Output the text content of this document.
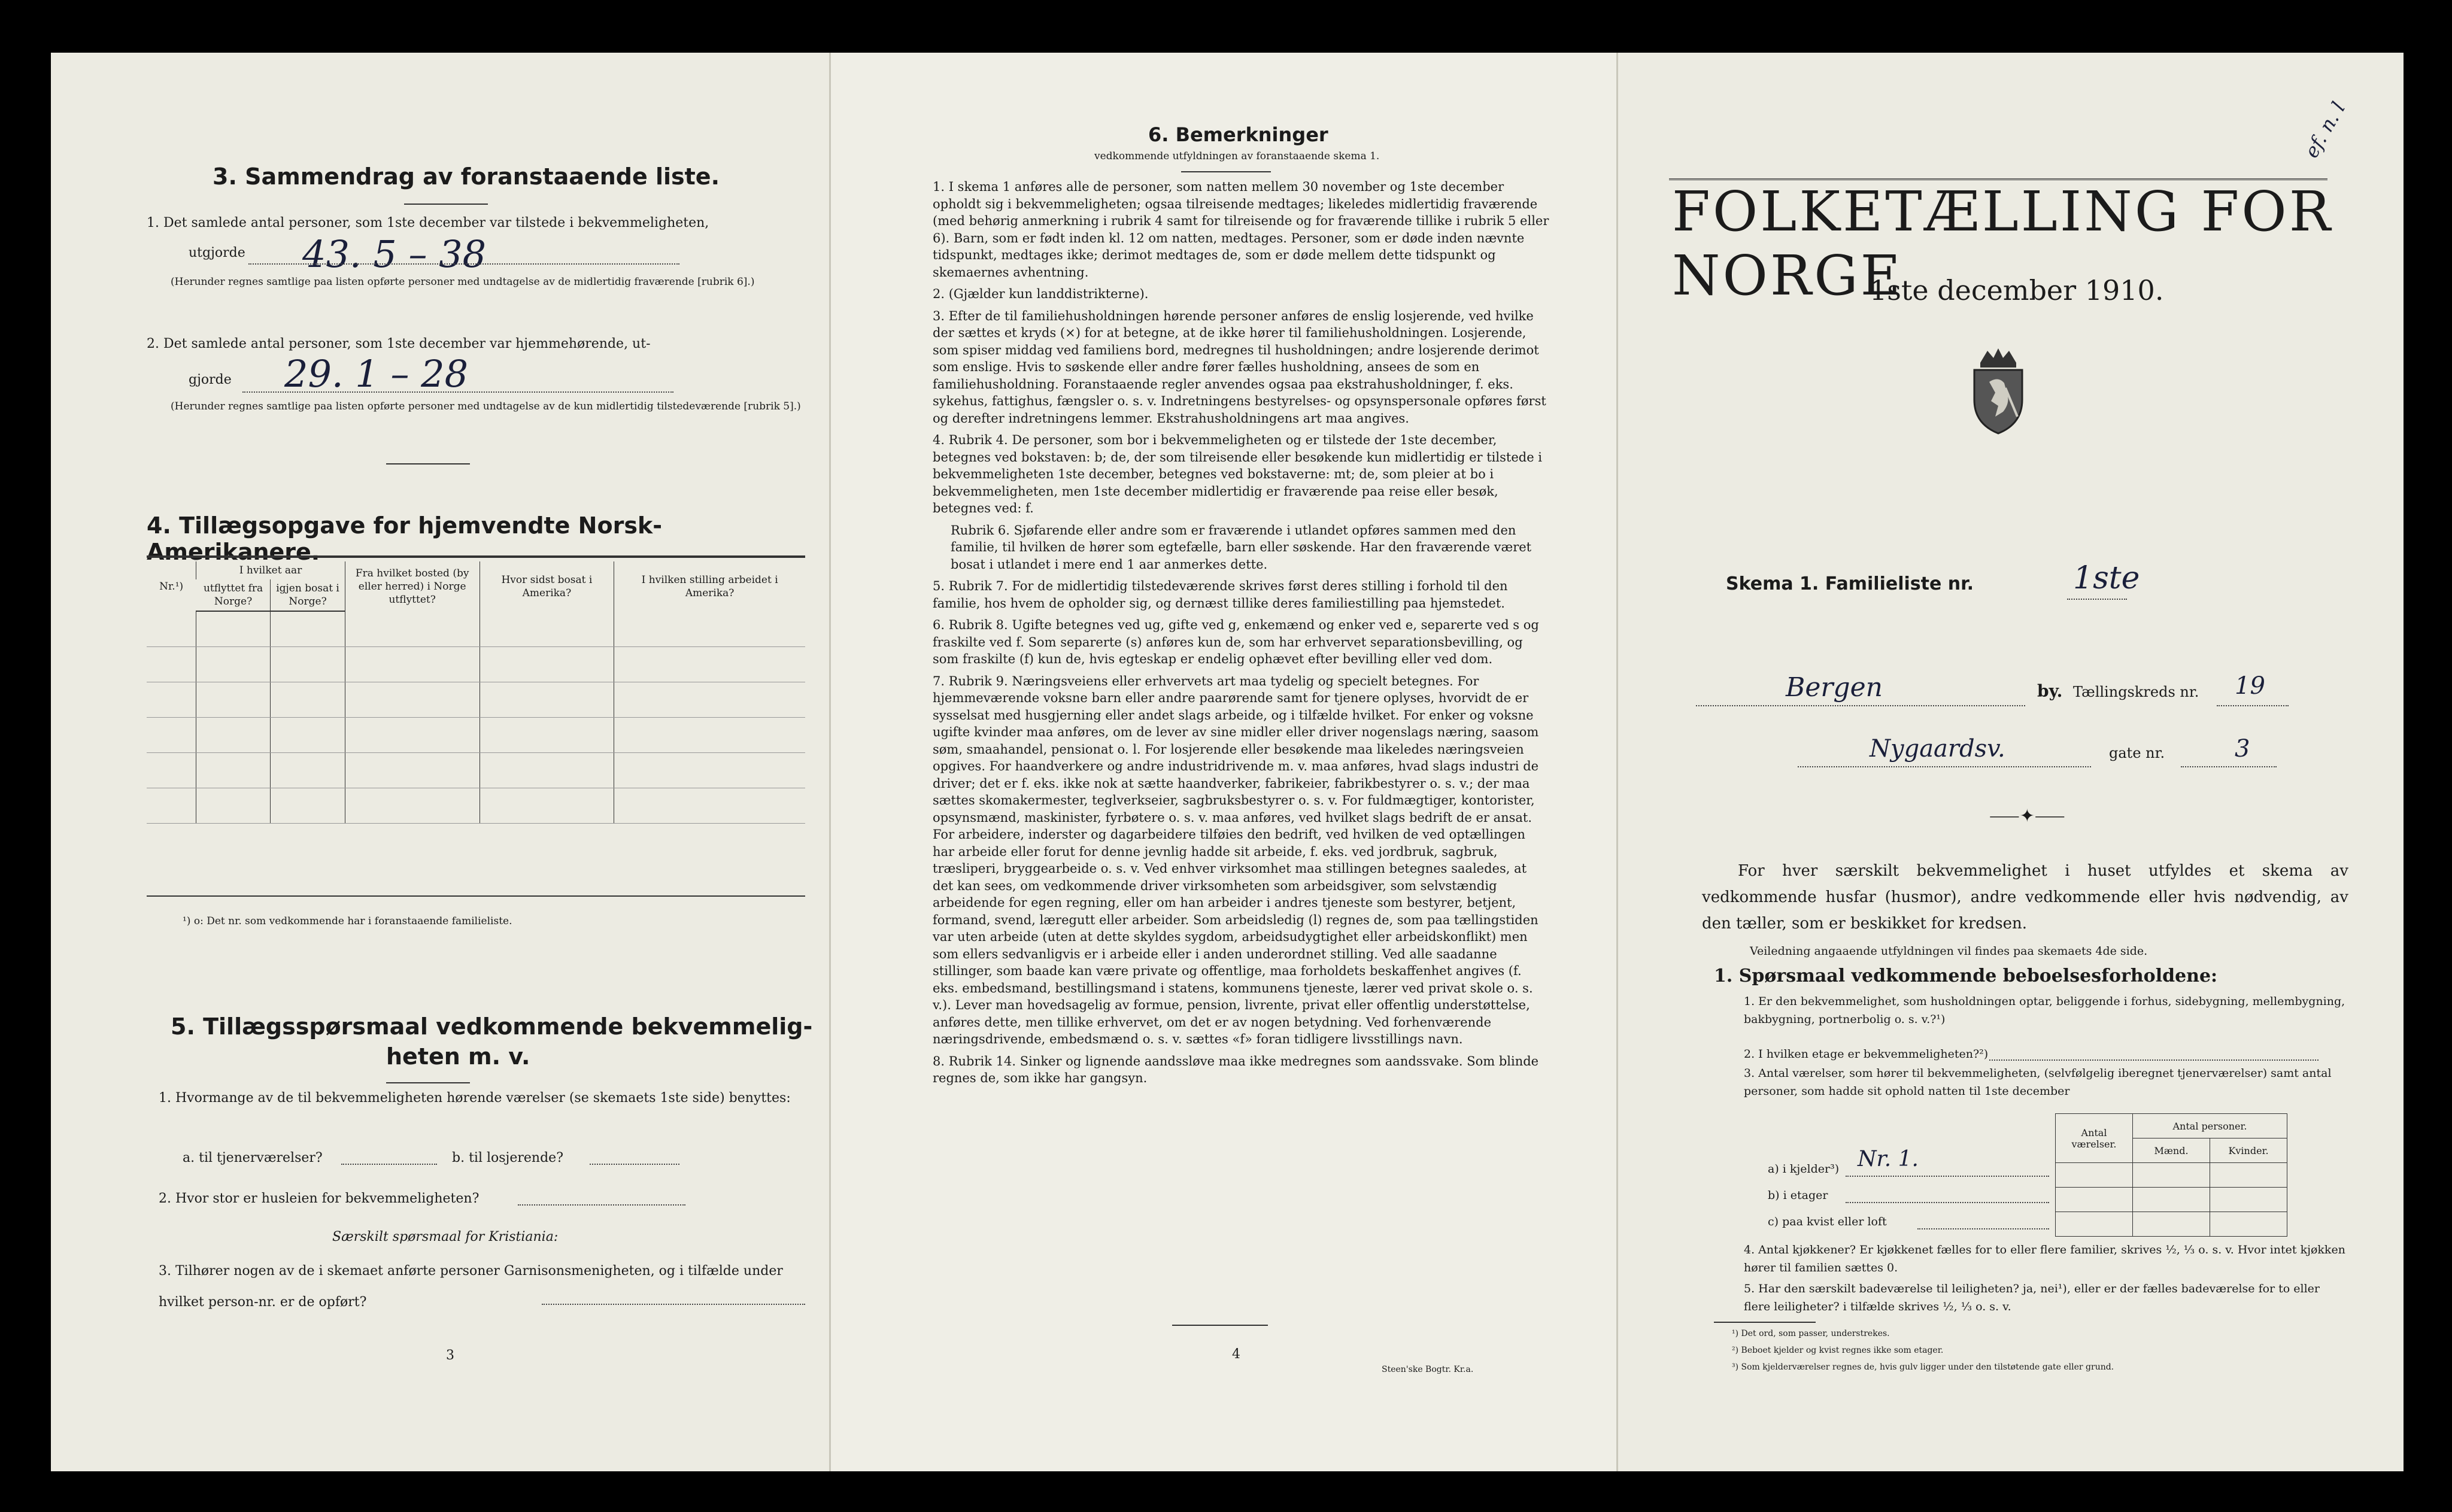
3. Sammendrag av foranstaaende liste.
1. Det samlede antal personer, som 1ste december var tilstede i bekvemmeligheten,
utgjorde 43. 5 – 38
(Herunder regnes samtlige paa listen opførte personer med undtagelse av de midlertidig fraværende [rubrik 6].)
2. Det samlede antal personer, som 1ste december var hjemmehørende, ut-
gjorde 29. 1 – 28
(Herunder regnes samtlige paa listen opførte personer med undtagelse av de kun midlertidig tilstedeværende [rubrik 5].)
4. Tillægsopgave for hjemvendte Norsk-Amerikanere.
Nr.¹)	I hvilket aar		Fra hvilket bosted (by eller herred) i Norge utflyttet?	Hvor sidst bosat i Amerika?	I hvilken stilling arbeidet i Amerika?
	utflyttet fra Norge?	igjen bosat i Norge?			

¹) o: Det nr. som vedkommende har i foranstaaende familieliste.
5. Tillægsspørsmaal vedkommende bekvemmelig-
heten m. v.
1. Hvormange av de til bekvemmeligheten hørende værelser (se skemaets 1ste side) benyttes:
a. til tjenerværelser?	b. til losjerende?
2. Hvor stor er husleien for bekvemmeligheten?
Særskilt spørsmaal for Kristiania:
3. Tilhører nogen av de i skemaet anførte personer Garnisonsmenigheten, og i tilfælde under hvilket person-nr. er de opført?
3
6. Bemerkninger
vedkommende utfyldningen av foranstaaende skema 1.

1. I skema 1 anføres alle de personer, som natten mellem 30 november og 1ste december opholdt sig i bekvemmeligheten; ogsaa tilreisende medtages; likeledes midlertidig fraværende (med behørig anmerkning i rubrik 4 samt for tilreisende og for fraværende tillike i rubrik 5 eller 6). Barn, som er født inden kl. 12 om natten, medtages. Personer, som er døde inden nævnte tidspunkt, medtages ikke; derimot medtages de, som er døde mellem dette tidspunkt og skemaernes avhentning.

2. (Gjælder kun landdistrikterne).

3. Efter de til familiehusholdningen hørende personer anføres de enslig losjerende, ved hvilke der sættes et kryds (×) for at betegne, at de ikke hører til familiehusholdningen. Losjerende, som spiser middag ved familiens bord, medregnes til husholdningen; andre losjerende derimot som enslige. Hvis to søskende eller andre fører fælles husholdning, ansees de som en familiehusholdning. Foranstaaende regler anvendes ogsaa paa ekstrahusholdninger, f. eks. sykehus, fattighus, fængsler o. s. v. Indretningens bestyrelses- og opsynspersonale opføres først og derefter indretningens lemmer. Ekstrahusholdningens art maa angives.

4. Rubrik 4. De personer, som bor i bekvemmeligheten og er tilstede der 1ste december, betegnes ved bokstaven: b; de, der som tilreisende eller besøkende kun midlertidig er tilstede i bekvemmeligheten 1ste december, betegnes ved bokstaverne: mt; de, som pleier at bo i bekvemmeligheten, men 1ste december midlertidig er fraværende paa reise eller besøk, betegnes ved: f.

Rubrik 6. Sjøfarende eller andre som er fraværende i utlandet opføres sammen med den familie, til hvilken de hører som egtefælle, barn eller søskende. Har den fraværende været bosat i utlandet i mere end 1 aar anmerkes dette.

5. Rubrik 7. For de midlertidig tilstedeværende skrives først deres stilling i forhold til den familie, hos hvem de opholder sig, og dernæst tillike deres familiestilling paa hjemstedet.

6. Rubrik 8. Ugifte betegnes ved ug, gifte ved g, enkemænd og enker ved e, separerte ved s og fraskilte ved f. Som separerte (s) anføres kun de, som har erhvervet separationsbevilling, og som fraskilte (f) kun de, hvis egteskap er endelig ophævet efter bevilling eller ved dom.

7. Rubrik 9. Næringsveiens eller erhvervets art maa tydelig og specielt betegnes. For hjemmeværende voksne barn eller andre paarørende samt for tjenere oplyses, hvorvidt de er sysselsat med husgjerning eller andet slags arbeide, og i tilfælde hvilket. For enker og voksne ugifte kvinder maa anføres, om de lever av sine midler eller driver nogenslags næring, saasom søm, smaahandel, pensionat o. l. For losjerende eller besøkende maa likeledes næringsveien opgives. For haandverkere og andre industridrivende m. v. maa anføres, hvad slags industri de driver; det er f. eks. ikke nok at sætte haandverker, fabrikeier, fabrikbestyrer o. s. v.; der maa sættes skomakermester, teglverkseier, sagbruksbestyrer o. s. v. For fuldmægtiger, kontorister, opsynsmænd, maskinister, fyrbøtere o. s. v. maa anføres, ved hvilket slags bedrift de er ansat. For arbeidere, inderster og dagarbeidere tilføies den bedrift, ved hvilken de ved optællingen har arbeide eller forut for denne jevnlig hadde sit arbeide, f. eks. ved jordbruk, sagbruk, træsliperi, bryggearbeide o. s. v. Ved enhver virksomhet maa stillingen betegnes saaledes, at det kan sees, om vedkommende driver virksomheten som arbeidsgiver, som selvstændig arbeidende for egen regning, eller om han arbeider i andres tjeneste som bestyrer, betjent, formand, svend, læregutt eller arbeider. Som arbeidsledig (l) regnes de, som paa tællingstiden var uten arbeide (uten at dette skyldes sygdom, arbeidsudygtighet eller arbeidskonflikt) men som ellers sedvanligvis er i arbeide eller i anden underordnet stilling. Ved alle saadanne stillinger, som baade kan være private og offentlige, maa forholdets beskaffenhet angives (f. eks. embedsmand, bestillingsmand i statens, kommunens tjeneste, lærer ved privat skole o. s. v.). Lever man hovedsagelig av formue, pension, livrente, privat eller offentlig understøttelse, anføres dette, men tillike erhvervet, om det er av nogen betydning. Ved forhenværende næringsdrivende, embedsmænd o. s. v. sættes «f» foran tidligere livsstillings navn.

8. Rubrik 14. Sinker og lignende aandssløve maa ikke medregnes som aandssvake. Som blinde regnes de, som ikke har gangsyn.

4
Steen'ske Bogtr. Kr.a.
ef. n. l
FOLKETÆLLING FOR NORGE
1ste december 1910.
Skema 1. Familieliste nr.	1ste
Bergen	by. Tællingskreds nr. 19
Nygaardsv.	gate nr.	3
⸺✦⸺
For hver særskilt bekvemmelighet i huset utfyldes et skema av vedkommende husfar (husmor), andre vedkommende eller hvis nødvendig, av den tæller, som er beskikket for kredsen.
Veiledning angaaende utfyldningen vil findes paa skemaets 4de side.
1. Spørsmaal vedkommende beboelsesforholdene:
1. Er den bekvemmelighet, som husholdningen optar, beliggende i forhus, sidebygning, mellembygning, bakbygning, portnerbolig o. s. v.?¹)
2. I hvilken etage er bekvemmeligheten?²)
3. Antal værelser, som hører til bekvemmeligheten, (selvfølgelig iberegnet tjenerværelser) samt antal personer, som hadde sit ophold natten til 1ste december
Antal værelser.	Antal personer.	
	Mænd.	Kvinder.

a) i kjelder³) Nr. 1.
b) i etager
c) paa kvist eller loft
4. Antal kjøkkener? Er kjøkkenet fælles for to eller flere familier, skrives ½, ⅓ o. s. v. Hvor intet kjøkken hører til familien sættes 0.
5. Har den særskilt badeværelse til leiligheten? ja, nei¹), eller er der fælles badeværelse for to eller flere leiligheter? i tilfælde skrives ½, ⅓ o. s. v.
¹) Det ord, som passer, understrekes.
²) Beboet kjelder og kvist regnes ikke som etager.
³) Som kjelderværelser regnes de, hvis gulv ligger under den tilstøtende gate eller grund.
